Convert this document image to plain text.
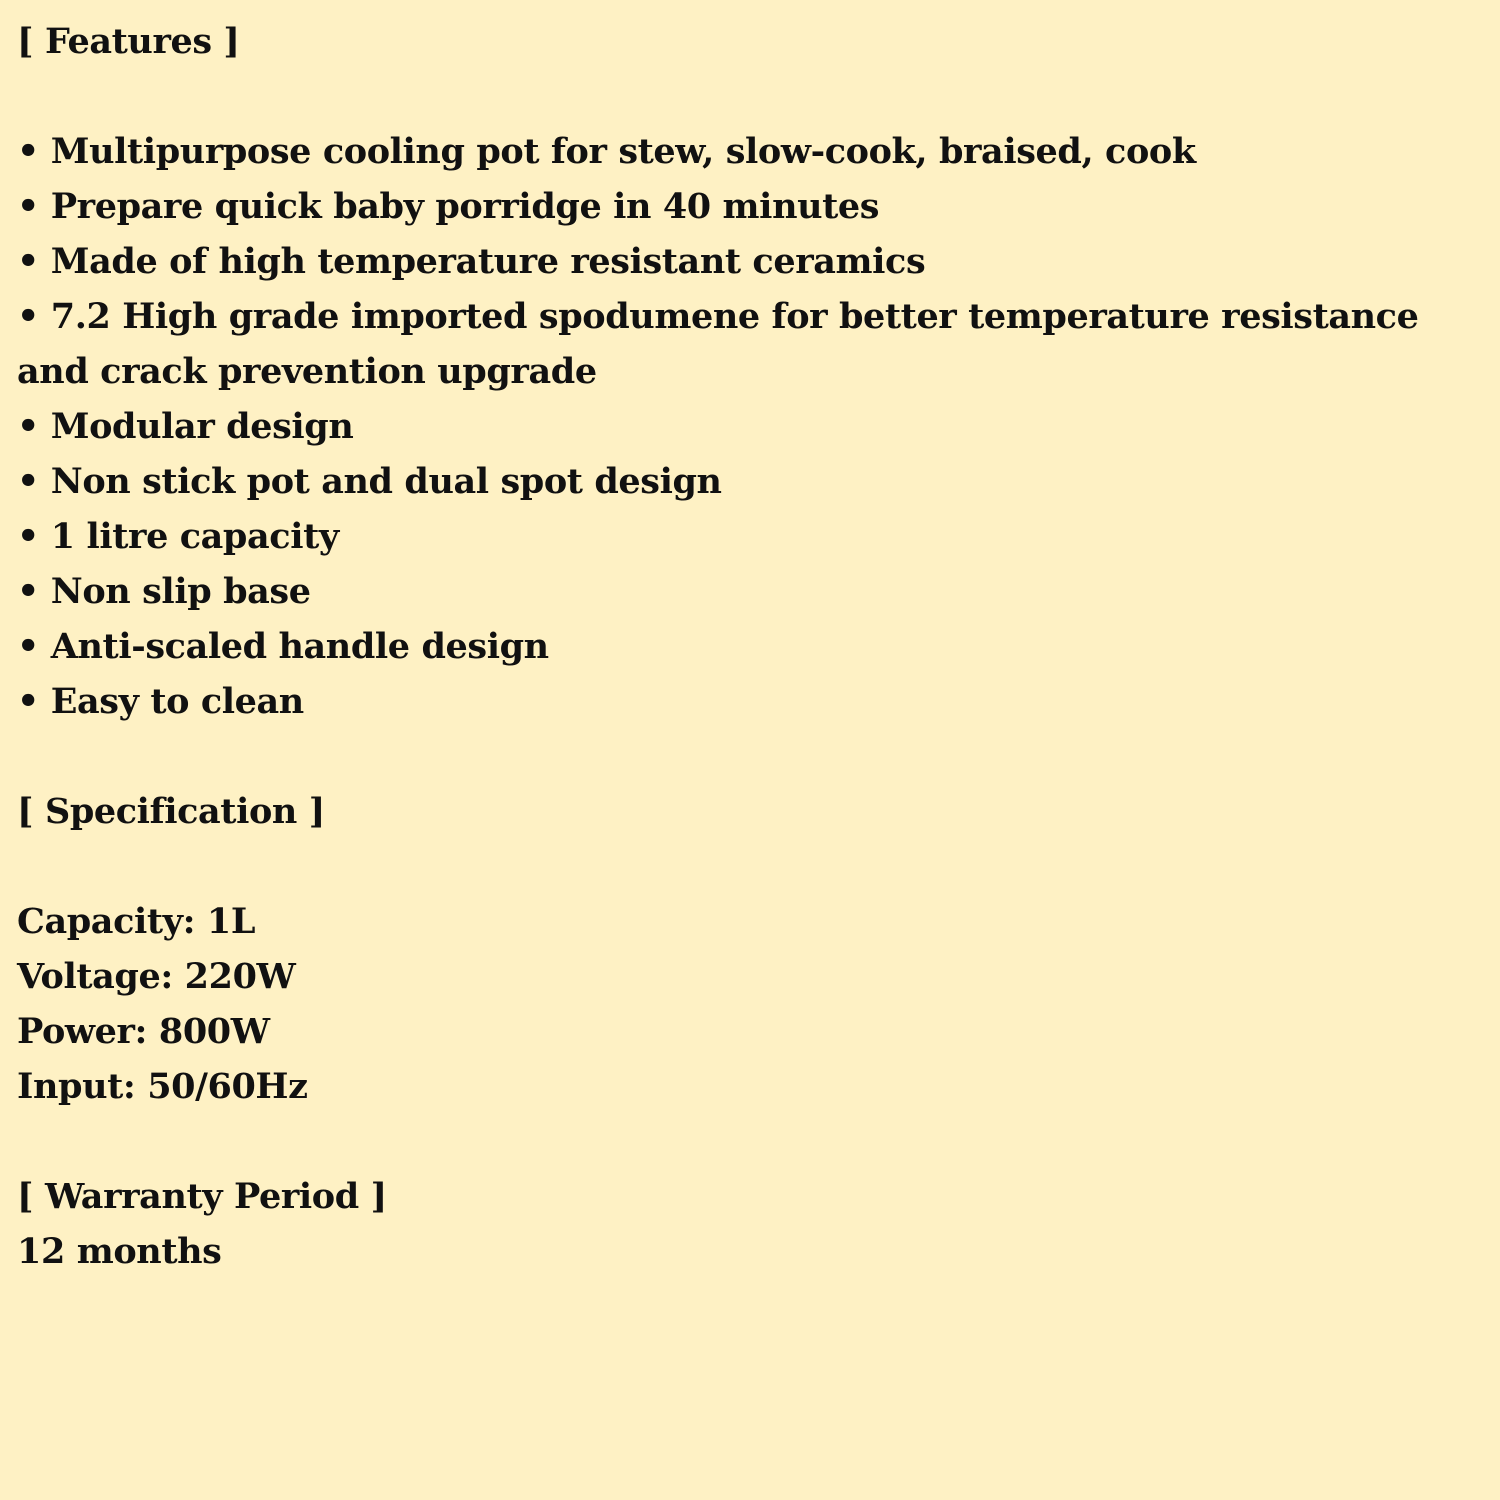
[ Features ]
• Multipurpose cooling pot for stew, slow-cook, braised, cook
• Prepare quick baby porridge in 40 minutes
• Made of high temperature resistant ceramics
• 7.2 High grade imported spodumene for better temperature resistance and crack prevention upgrade
• Modular design
• Non stick pot and dual spot design
• 1 litre capacity
• Non slip base
• Anti-scaled handle design
• Easy to clean
[ Specification ]
Capacity: 1L
Voltage: 220W
Power: 800W
Input: 50/60Hz
[ Warranty Period ]
12 months
